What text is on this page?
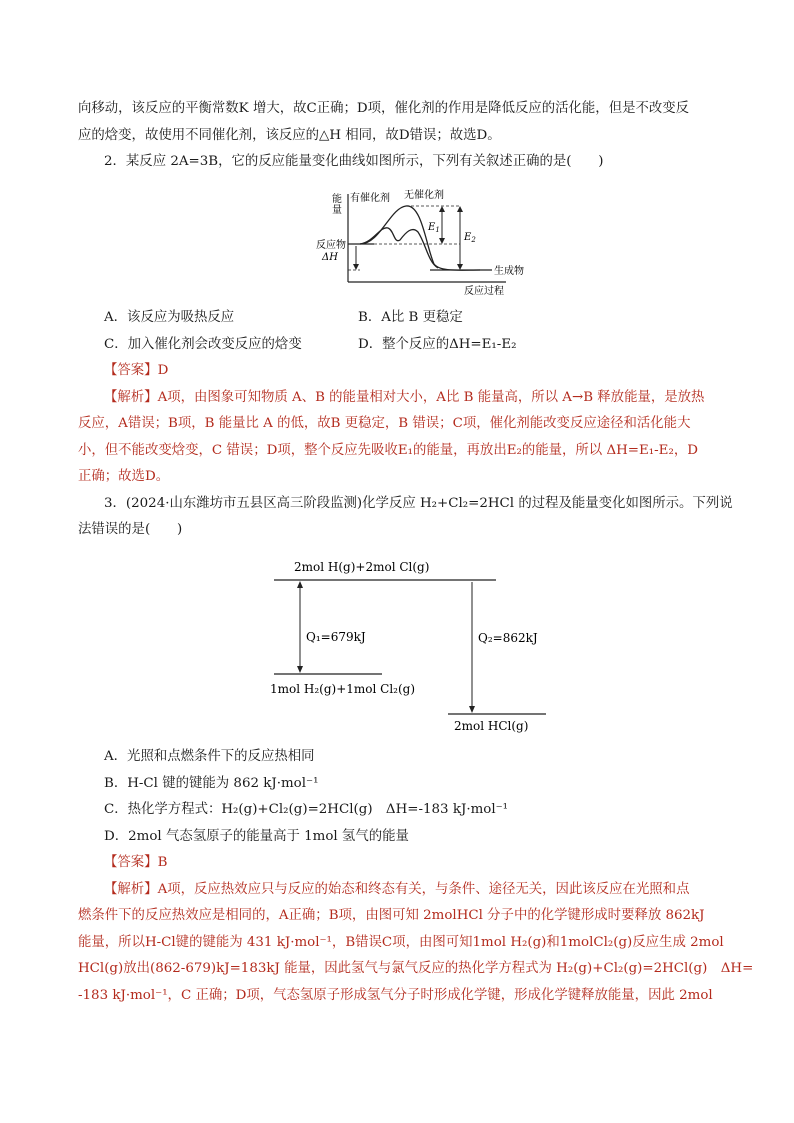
向移动，该反应的平衡常数K 增大，故C正确；D项，催化剂的作用是降低反应的活化能，但是不改变反

应的焓变，故使用不同催化剂，该反应的△H 相同，故D错误；故选D。

2．某反应 2A=3B，它的反应能量变化曲线如图所示，下列有关叙述正确的是(　　)

能
量
$E_1$
$E_2$
ΔH
有催化剂 无催化剂
反应物
生成物
反应过程
A．该反应为吸热反应	B．A比 B 更稳定
C．加入催化剂会改变反应的焓变	D．整个反应的ΔH=E₁-E₂

【答案】D

【解析】A项，由图象可知物质 A、B 的能量相对大小，A比 B 能量高，所以 A→B 释放能量，是放热

反应，A错误；B项，B 能量比 A 的低，故B 更稳定，B 错误；C项，催化剂能改变反应途径和活化能大

小，但不能改变焓变，C 错误；D项，整个反应先吸收E₁的能量，再放出E₂的能量，所以 ΔH=E₁-E₂，D

正确；故选D。

3．(2024·山东潍坊市五县区高三阶段监测)化学反应 H₂+Cl₂=2HCl 的过程及能量变化如图所示。下列说

法错误的是(　　)

2mol H(g)+2mol Cl(g)
1mol H₂(g)+1mol Cl₂(g)
2mol HCl(g)
Q₁=679kJ	Q₂=862kJ

A．光照和点燃条件下的反应热相同

B．H-Cl 键的键能为 862 kJ·mol⁻¹

C．热化学方程式：H₂(g)+Cl₂(g)=2HCl(g)　ΔH=-183 kJ·mol⁻¹

D．2mol 气态氢原子的能量高于 1mol 氢气的能量

【答案】B

【解析】A项，反应热效应只与反应的始态和终态有关，与条件、途径无关，因此该反应在光照和点

燃条件下的反应热效应是相同的，A正确；B项，由图可知 2molHCl 分子中的化学键形成时要释放 862kJ

能量，所以H-Cl键的键能为 431 kJ·mol⁻¹，B错误C项，由图可知1mol H₂(g)和1molCl₂(g)反应生成 2mol

HCl(g)放出(862-679)kJ=183kJ 能量，因此氢气与氯气反应的热化学方程式为 H₂(g)+Cl₂(g)=2HCl(g)　ΔH=

-183 kJ·mol⁻¹，C 正确；D项，气态氢原子形成氢气分子时形成化学键，形成化学键释放能量，因此 2mol
